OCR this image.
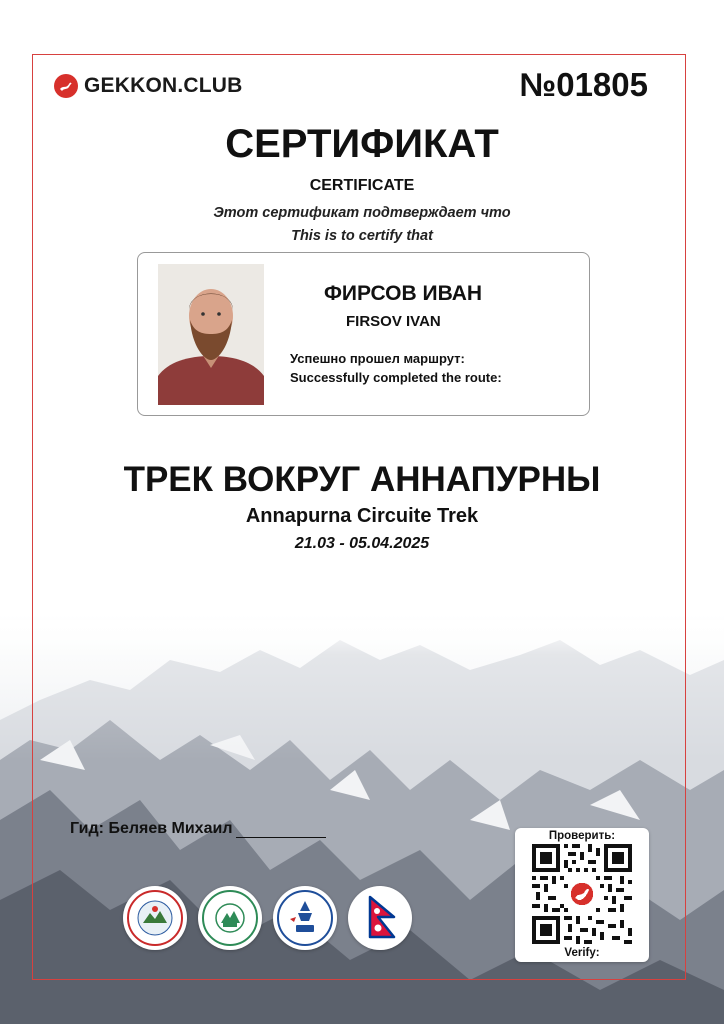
GEKKON.CLUB	№01805
СЕРТИФИКАТ
CERTIFICATE
Этот сертификат подтверждает что
This is to certify that
ФИРСОВ ИВАН
FIRSOV IVAN
Успешно прошел маршрут:
Successfully completed the route:
ТРЕК ВОКРУГ АННАПУРНЫ
Annapurna Circuite Trek
21.03 - 05.04.2025
Гид: Беляев Михаил	Проверить:
Verify:
